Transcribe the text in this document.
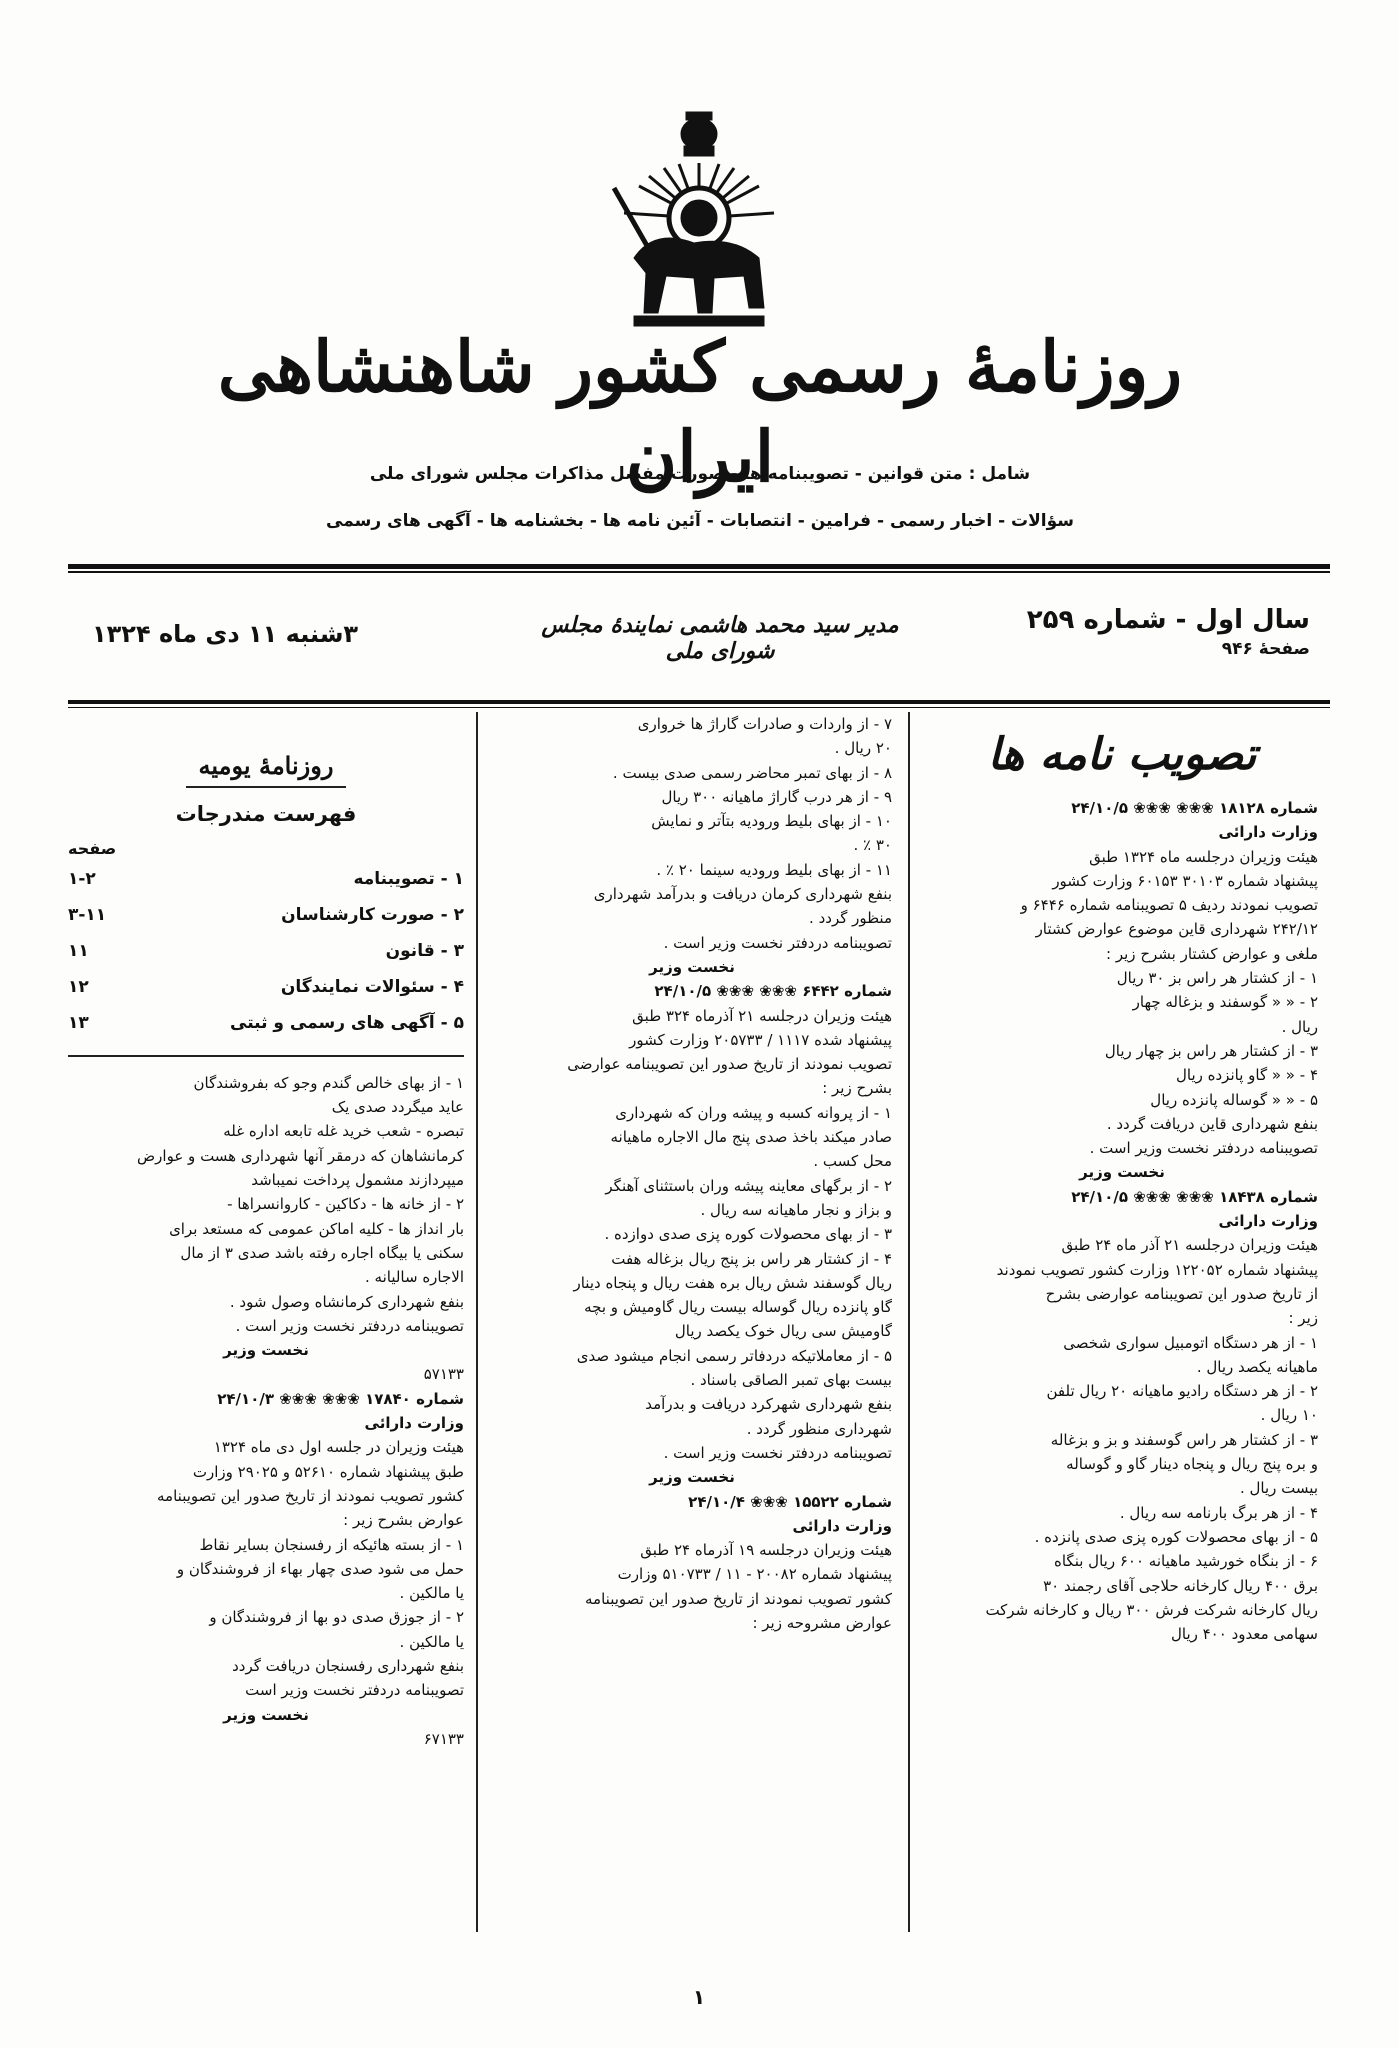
روزنامهٔ رسمی کشور شاهنشاهی ایران
شامل : متن قوانین - تصویبنامه ها - صورت مفصل مذاکرات مجلس شورای ملی
سؤالات - اخبار رسمی - فرامین - انتصابات - آئین نامه ها - بخشنامه ها - آگهی های رسمی
سال اول - شماره ۲۵۹
صفحهٔ ۹۴۶
مدیر سید محمد هاشمی نمایندهٔ مجلس شورای ملی
۳شنبه ۱۱ دی ماه ۱۳۲۴
تصویب نامه ها
شماره ۱۸۱۲۸ ❀❀❀ ❀❀❀ ۲۴/۱۰/۵
وزارت دارائی
هیئت وزیران درجلسه ماه ۱۳۲۴ طبق
پیشنهاد شماره ۳۰۱۰۳ ۶۰۱۵۳ وزارت کشور
تصویب نمودند ردیف ۵ تصویبنامه شماره ۶۴۴۶ و
۲۴۲/۱۲ شهرداری قاین موضوع عوارض کشتار
ملغی و عوارض کشتار بشرح زیر :
۱ - از کشتار هر راس بز ۳۰ ریال
۲ - « « گوسفند و بزغاله چهار
ریال .
۳ - از کشتار هر راس بز چهار ریال
۴ - « « گاو پانزده ریال
۵ - « « گوساله پانزده ریال
بنفع شهرداری قاین دریافت گردد .
تصویبنامه دردفتر نخست وزیر است .
نخست وزیر
شماره ۱۸۴۳۸ ❀❀❀ ❀❀❀ ۲۴/۱۰/۵
وزارت دارائی
هیئت وزیران درجلسه ۲۱ آذر ماه ۲۴ طبق
پیشنهاد شماره ۱۲۲۰۵۲ وزارت کشور تصویب نمودند
از تاریخ صدور این تصویبنامه عوارضی بشرح
زیر :
۱ - از هر دستگاه اتومبیل سواری شخصی
ماهیانه یکصد ریال .
۲ - از هر دستگاه رادیو ماهیانه ۲۰ ریال تلفن
۱۰ ریال .
۳ - از کشتار هر راس گوسفند و بز و بزغاله
و بره پنج ریال و پنجاه دینار گاو و گوساله
بیست ریال .
۴ - از هر برگ بارنامه سه ریال .
۵ - از بهای محصولات کوره پزی صدی پانزده .
۶ - از بنگاه خورشید ماهیانه ۶۰۰ ریال بنگاه
برق ۴۰۰ ریال کارخانه حلاجی آقای رجمند ۳۰
ریال کارخانه شرکت فرش ۳۰۰ ریال و کارخانه شرکت
سهامی معدود ۴۰۰ ریال
۷ - از واردات و صادرات گاراژ ها خرواری
۲۰ ریال .
۸ - از بهای تمبر محاضر رسمی صدی بیست .
۹ - از هر درب گاراژ ماهیانه ۳۰۰ ریال
۱۰ - از بهای بلیط ورودیه بتآتر و نمایش
۳۰ ٪ .
۱۱ - از بهای بلیط ورودیه سینما ۲۰ ٪ .
بنفع شهرداری کرمان دریافت و بدرآمد شهرداری
منظور گردد .
تصویبنامه دردفتر نخست وزیر است .
نخست وزیر
شماره ۶۴۴۲ ❀❀❀ ❀❀❀ ۲۴/۱۰/۵
هیئت وزیران درجلسه ۲۱ آذرماه ۳۲۴ طبق
پیشنهاد شده ۱۱۱۷ / ۲۰۵۷۳۳ وزارت کشور
تصویب نمودند از تاریخ صدور این تصویبنامه عوارضی
بشرح زیر :
۱ - از پروانه کسبه و پیشه وران که شهرداری
صادر میکند باخذ صدی پنج مال الاجاره ماهیانه
محل کسب .
۲ - از برگهای معاینه پیشه وران باستثنای آهنگر
و بزاز و نجار ماهیانه سه ریال .
۳ - از بهای محصولات کوره پزی صدی دوازده .
۴ - از کشتار هر راس بز پنج ریال بزغاله هفت
ریال گوسفند شش ریال بره هفت ریال و پنجاه دینار
گاو پانزده ریال گوساله بیست ریال گاومیش و بچه
گاومیش سی ریال خوک یکصد ریال
۵ - از معاملاتیکه دردفاتر رسمی انجام میشود صدی
بیست بهای تمبر الصاقی باسناد .
بنفع شهرداری شهرکرد دریافت و بدرآمد
شهرداری منظور گردد .
تصویبنامه دردفتر نخست وزیر است .
نخست وزیر
شماره ۱۵۵۲۲ ❀❀❀ ۲۴/۱۰/۴
وزارت دارائی
هیئت وزیران درجلسه ۱۹ آذرماه ۲۴ طبق
پیشنهاد شماره ۲۰۰۸۲ - ۱۱ / ۵۱۰۷۳۳ وزارت
کشور تصویب نمودند از تاریخ صدور این تصویبنامه
عوارض مشروحه زیر :
روزنامهٔ یومیه
فهرست مندرجات
صفحه
۱ - تصویبنامه
۱-۲
۲ - صورت کارشناسان
۳-۱۱
۳ - قانون
۱۱
۴ - سئوالات نمایندگان
۱۲
۵ - آگهی های رسمی و ثبتی
۱۳
۱ - از بهای خالص گندم وجو که بفروشندگان
عاید میگردد صدی یک
تبصره - شعب خرید غله تابعه اداره غله
کرمانشاهان که درمقر آنها شهرداری هست و عوارض
میپردازند مشمول پرداخت نمیباشد
۲ - از خانه ها - دکاکین - کاروانسراها -
بار انداز ها - کلیه اماکن عمومی که مستعد برای
سکنی یا بیگاه اجاره رفته باشد صدی ۳ از مال
الاجاره سالیانه .
بنفع شهرداری کرمانشاه وصول شود .
تصویبنامه دردفتر نخست وزیر است .
نخست وزیر
۵۷۱۳۳
شماره ۱۷۸۴۰ ❀❀❀ ❀❀❀ ۲۴/۱۰/۳
وزارت دارائی
هیئت وزیران در جلسه اول دی ماه ۱۳۲۴
طبق پیشنهاد شماره ۵۲۶۱۰ و ۲۹۰۲۵ وزارت
کشور تصویب نمودند از تاریخ صدور این تصویبنامه
عوارض بشرح زیر :
۱ - از بسته هائیکه از رفسنجان بسایر نقاط
حمل می شود صدی چهار بهاء از فروشندگان و
یا مالکین .
۲ - از جوزق صدی دو بها از فروشندگان و
یا مالکین .
بنفع شهرداری رفسنجان دریافت گردد
تصویبنامه دردفتر نخست وزیر است
نخست وزیر
۶۷۱۳۳
۱
